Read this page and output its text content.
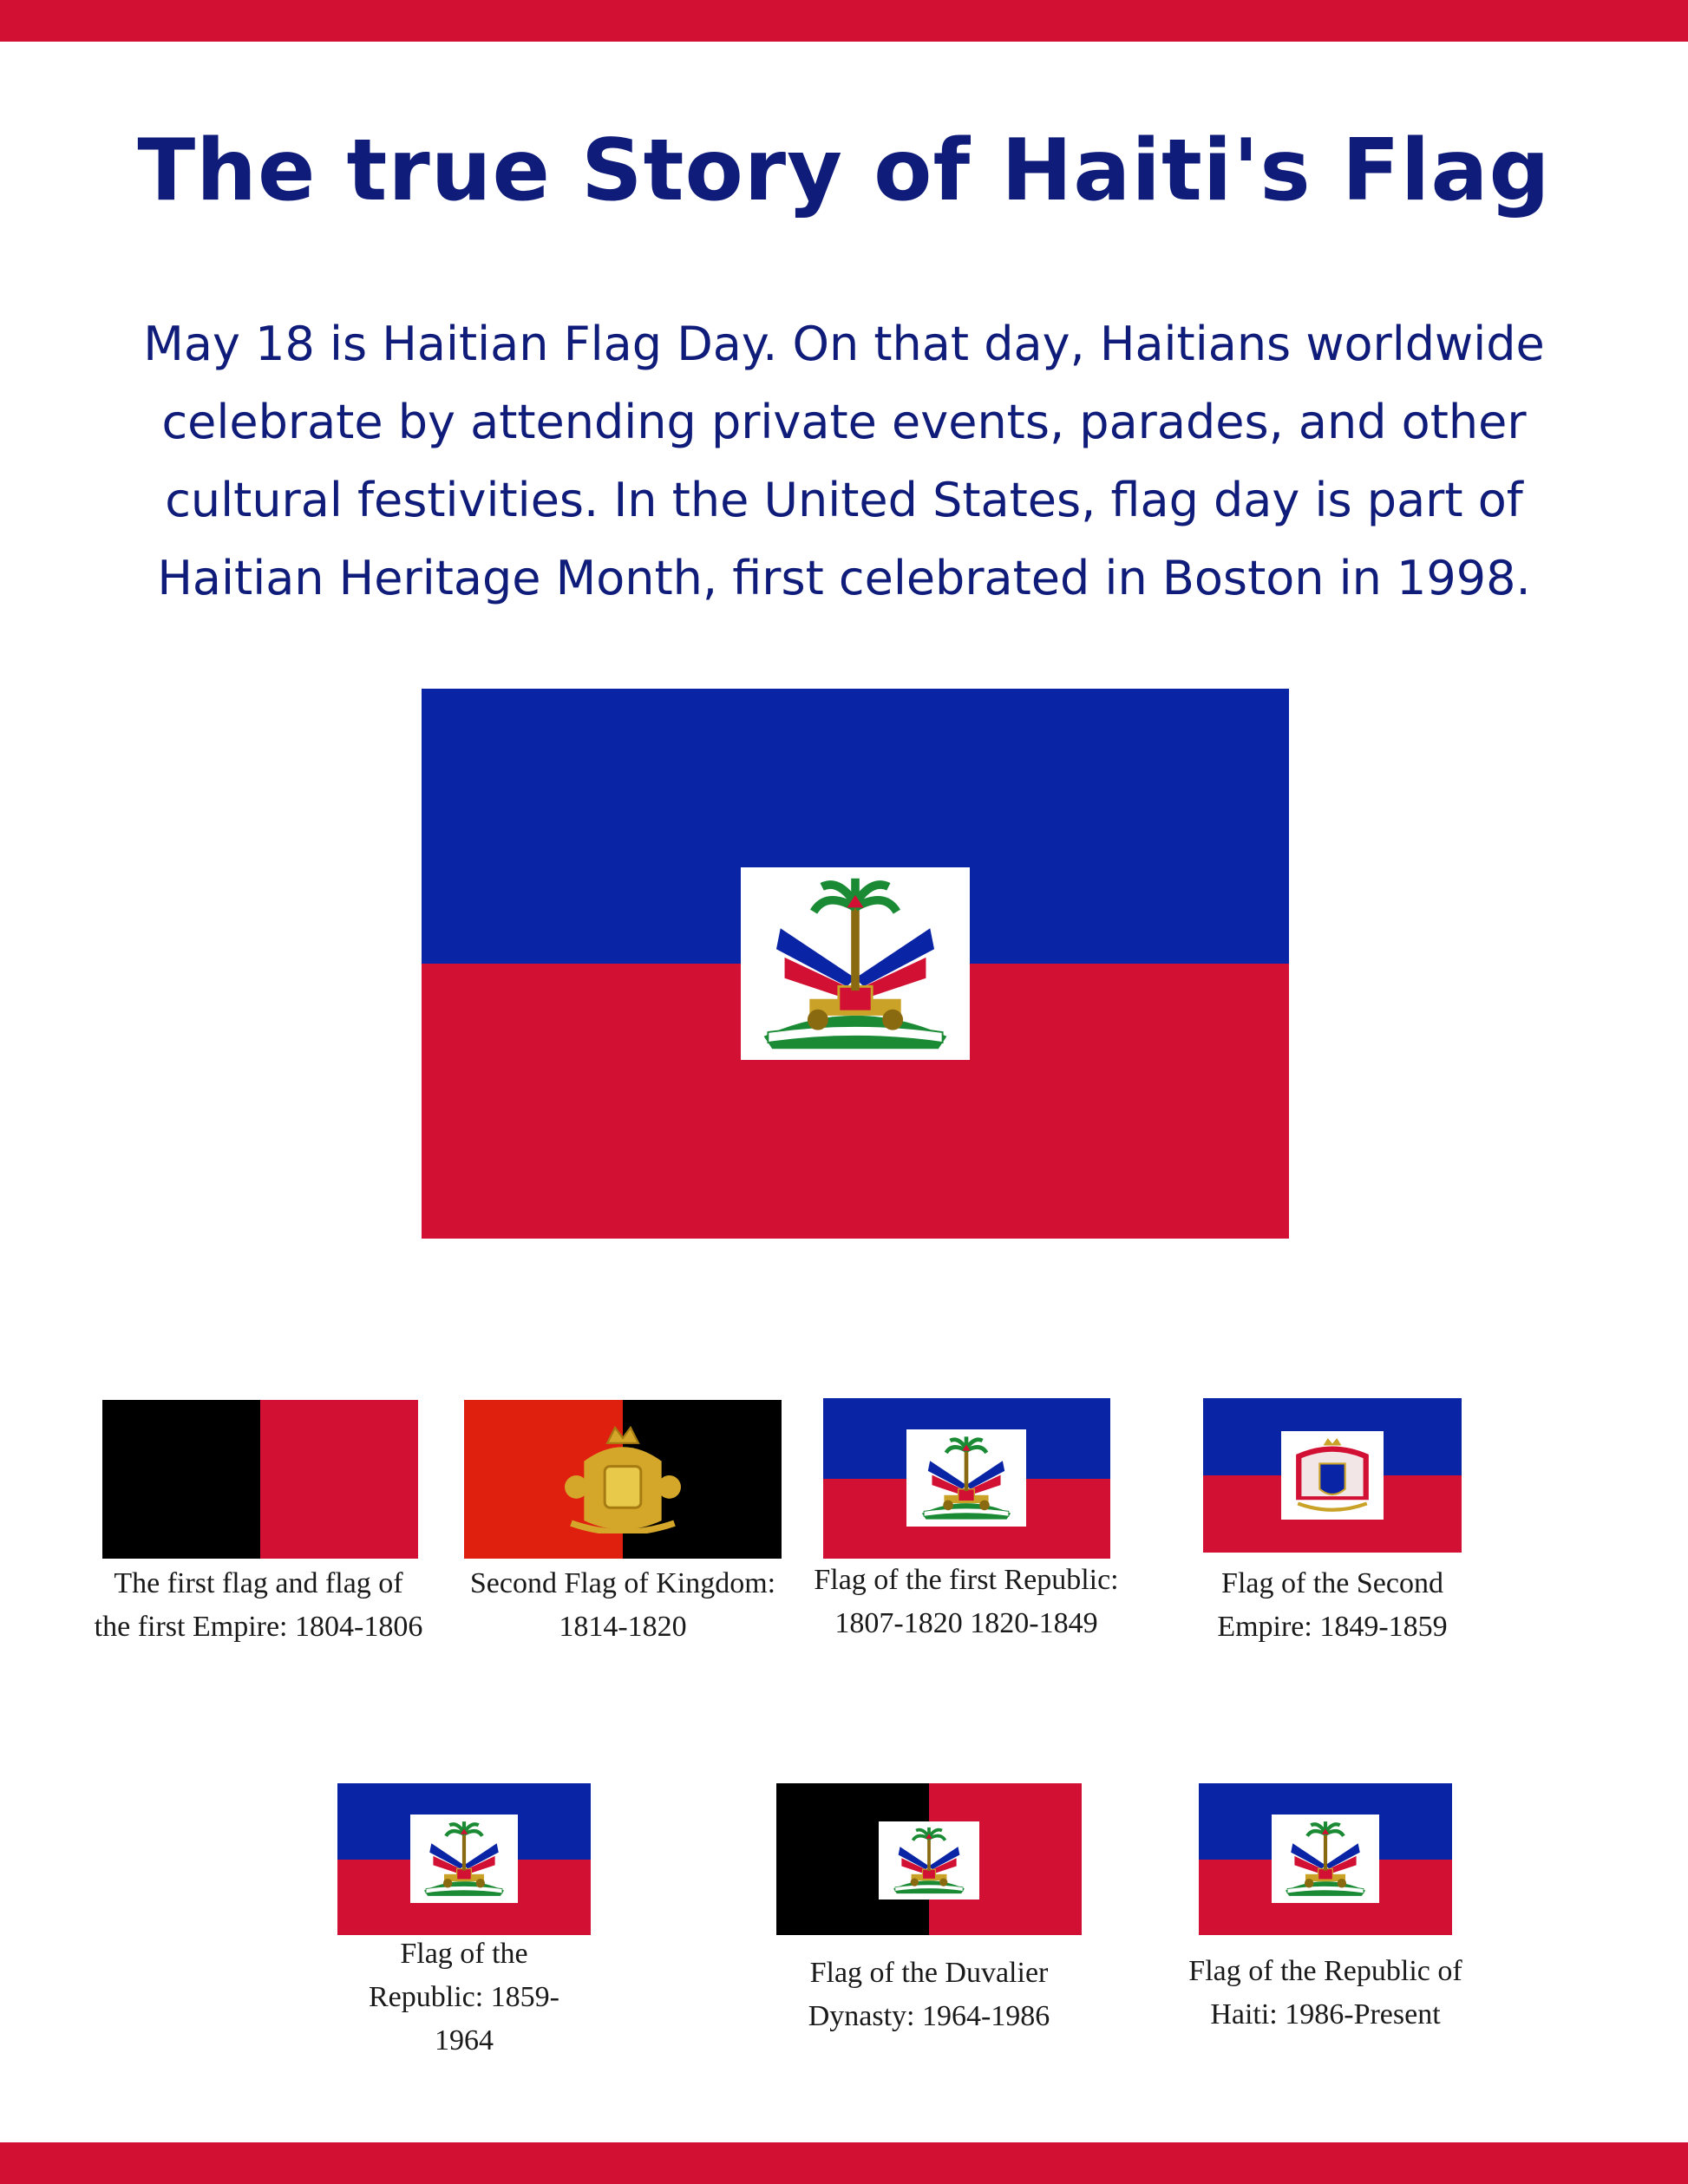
The true Story of Haiti's Flag

May 18 is Haitian Flag Day. On that day, Haitians worldwide celebrate by attending private events, parades, and other cultural festivities. In the United States, flag day is part of Haitian Heritage Month, first celebrated in Boston in 1998.

The first flag and flag of the first Empire: 1804-1806

Second Flag of Kingdom: 1814-1820

Flag of the first Republic: 1807-1820 1820-1849

Flag of the Second Empire: 1849-1859

Flag of the Republic: 1859-1964

Flag of the Duvalier Dynasty: 1964-1986

Flag of the Republic of Haiti: 1986-Present
